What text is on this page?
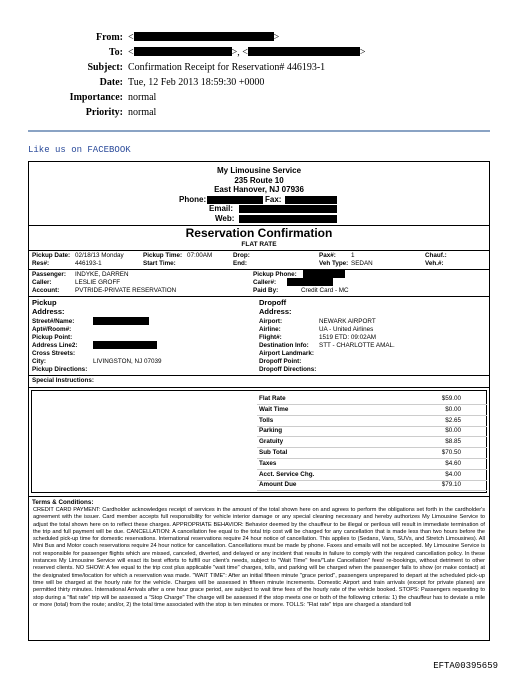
From: <	>
To: <	>, <	>
Subject: Confirmation Receipt for Reservation# 446193-1
Date: Tue, 12 Feb 2013 18:59:30 +0000
Importance: normal
Priority: normal
Like us on FACEBOOK
My Limousine Service
235 Route 10
East Hanover, NJ 07936
Phone:	Fax:
Email:
Web:
Reservation Confirmation
FLAT RATE
Pickup Date: 02/18/13 Monday	Pickup Time: 07:00AM	Drop:	Pax#: 1	Chauf.:
Res#:	446193-1	Start Time:	End:	Veh Type: SEDAN	Veh.#:
Passenger: INDYKE, DARREN	Pickup Phone:
Caller:	LESLIE GROFF	Caller#:
Account: PVTRIDE-PRIVATE RESERVATION	Paid By:	Credit Card - MC
Pickup
Address:
Dropoff
Address:
Street#/Name:
Apt#/Room#:
Pickup Point:
Address Line2:
Cross Streets:
City:	LIVINGSTON, NJ 07039
Pickup Directions:
Airport:	NEWARK AIRPORT
Airline:	UA - United Airlines
Flight#:	1519 ETD: 09:02AM
Destination Info: STT - CHARLOTTE AMAL.
Airport Landmark:
Dropoff Point:
Dropoff Directions:
Special Instructions:
Flat Rate	$59.00
Wait Time	$0.00
Tolls	$2.65
Parking	$0.00
Gratuity	$8.85
Sub Total	$70.50
Taxes	$4.60
Acct. Service Chg.	$4.00
Amount Due	$79.10
Terms & Conditions:
CREDIT CARD PAYMENT: Cardholder acknowledges receipt of services in the amount of the total shown here on and agrees to perform the obligations set forth in the cardholder's agreement with the issuer. Card member accepts full responsibility for vehicle interior damage or any special cleaning necessary and hereby authorizes My Limousine Service to adjust the total shown here on to reflect these charges. APPROPRIATE BEHAVIOR: Behavior deemed by the chauffeur to be illegal or perilous will result in immediate termination of the trip and full payment will be due. CANCELLATION: A cancellation fee equal to the total trip cost will be charged for any cancellation that is made less than two hours before the scheduled pick-up time for domestic reservations. International reservations require 24 hour notice of cancellation. This applies to (Sedans, Vans, SUVs, and Stretch Limousines). All Mini Bus and Motor coach reservations require 24 hour notice for cancellation. Cancellations must be made by phone. Faxes and emails will not be accepted. My Limousine Service is not responsible for passenger flights which are missed, canceled, diverted, and delayed or any incident that results in failure to comply with the required cancellation policy. In these instances My Limousine Service will exact its best efforts to fulfill our client's needs, subject to "Wait Time" fees/"Late Cancellation" fees/ re-bookings, without detriment to other reserved clients. NO SHOW: A fee equal to the trip cost plus applicable "wait time" charges, tolls, and parking will be charged when the passenger fails to show (or make contact) at the designated time/location for which a reservation was made. "WAIT TIME": After an initial fifteen minute "grace period", passengers unprepared to depart at the scheduled pick-up time will be charged at the hourly rate for the vehicle. Charges will be assessed in fifteen minute increments. Domestic Airport and train arrivals (except for private planes) are permitted thirty minutes. International Arrivals after a one hour grace period, are subject to wait time fees of the hourly rate of the vehicle booked. STOPS: Passengers requesting to stop during a "flat rate" trip will be assessed a "Stop Charge" The charge will be assessed if the stop meets one or both of the following criteria: 1) the chauffeur has to deviate a mile or more (total) from the route; and/or, 2) the total time associated with the stop is ten minutes or more. TOLLS: "Flat rate" trips are charged a standard toll
EFTA00395659
